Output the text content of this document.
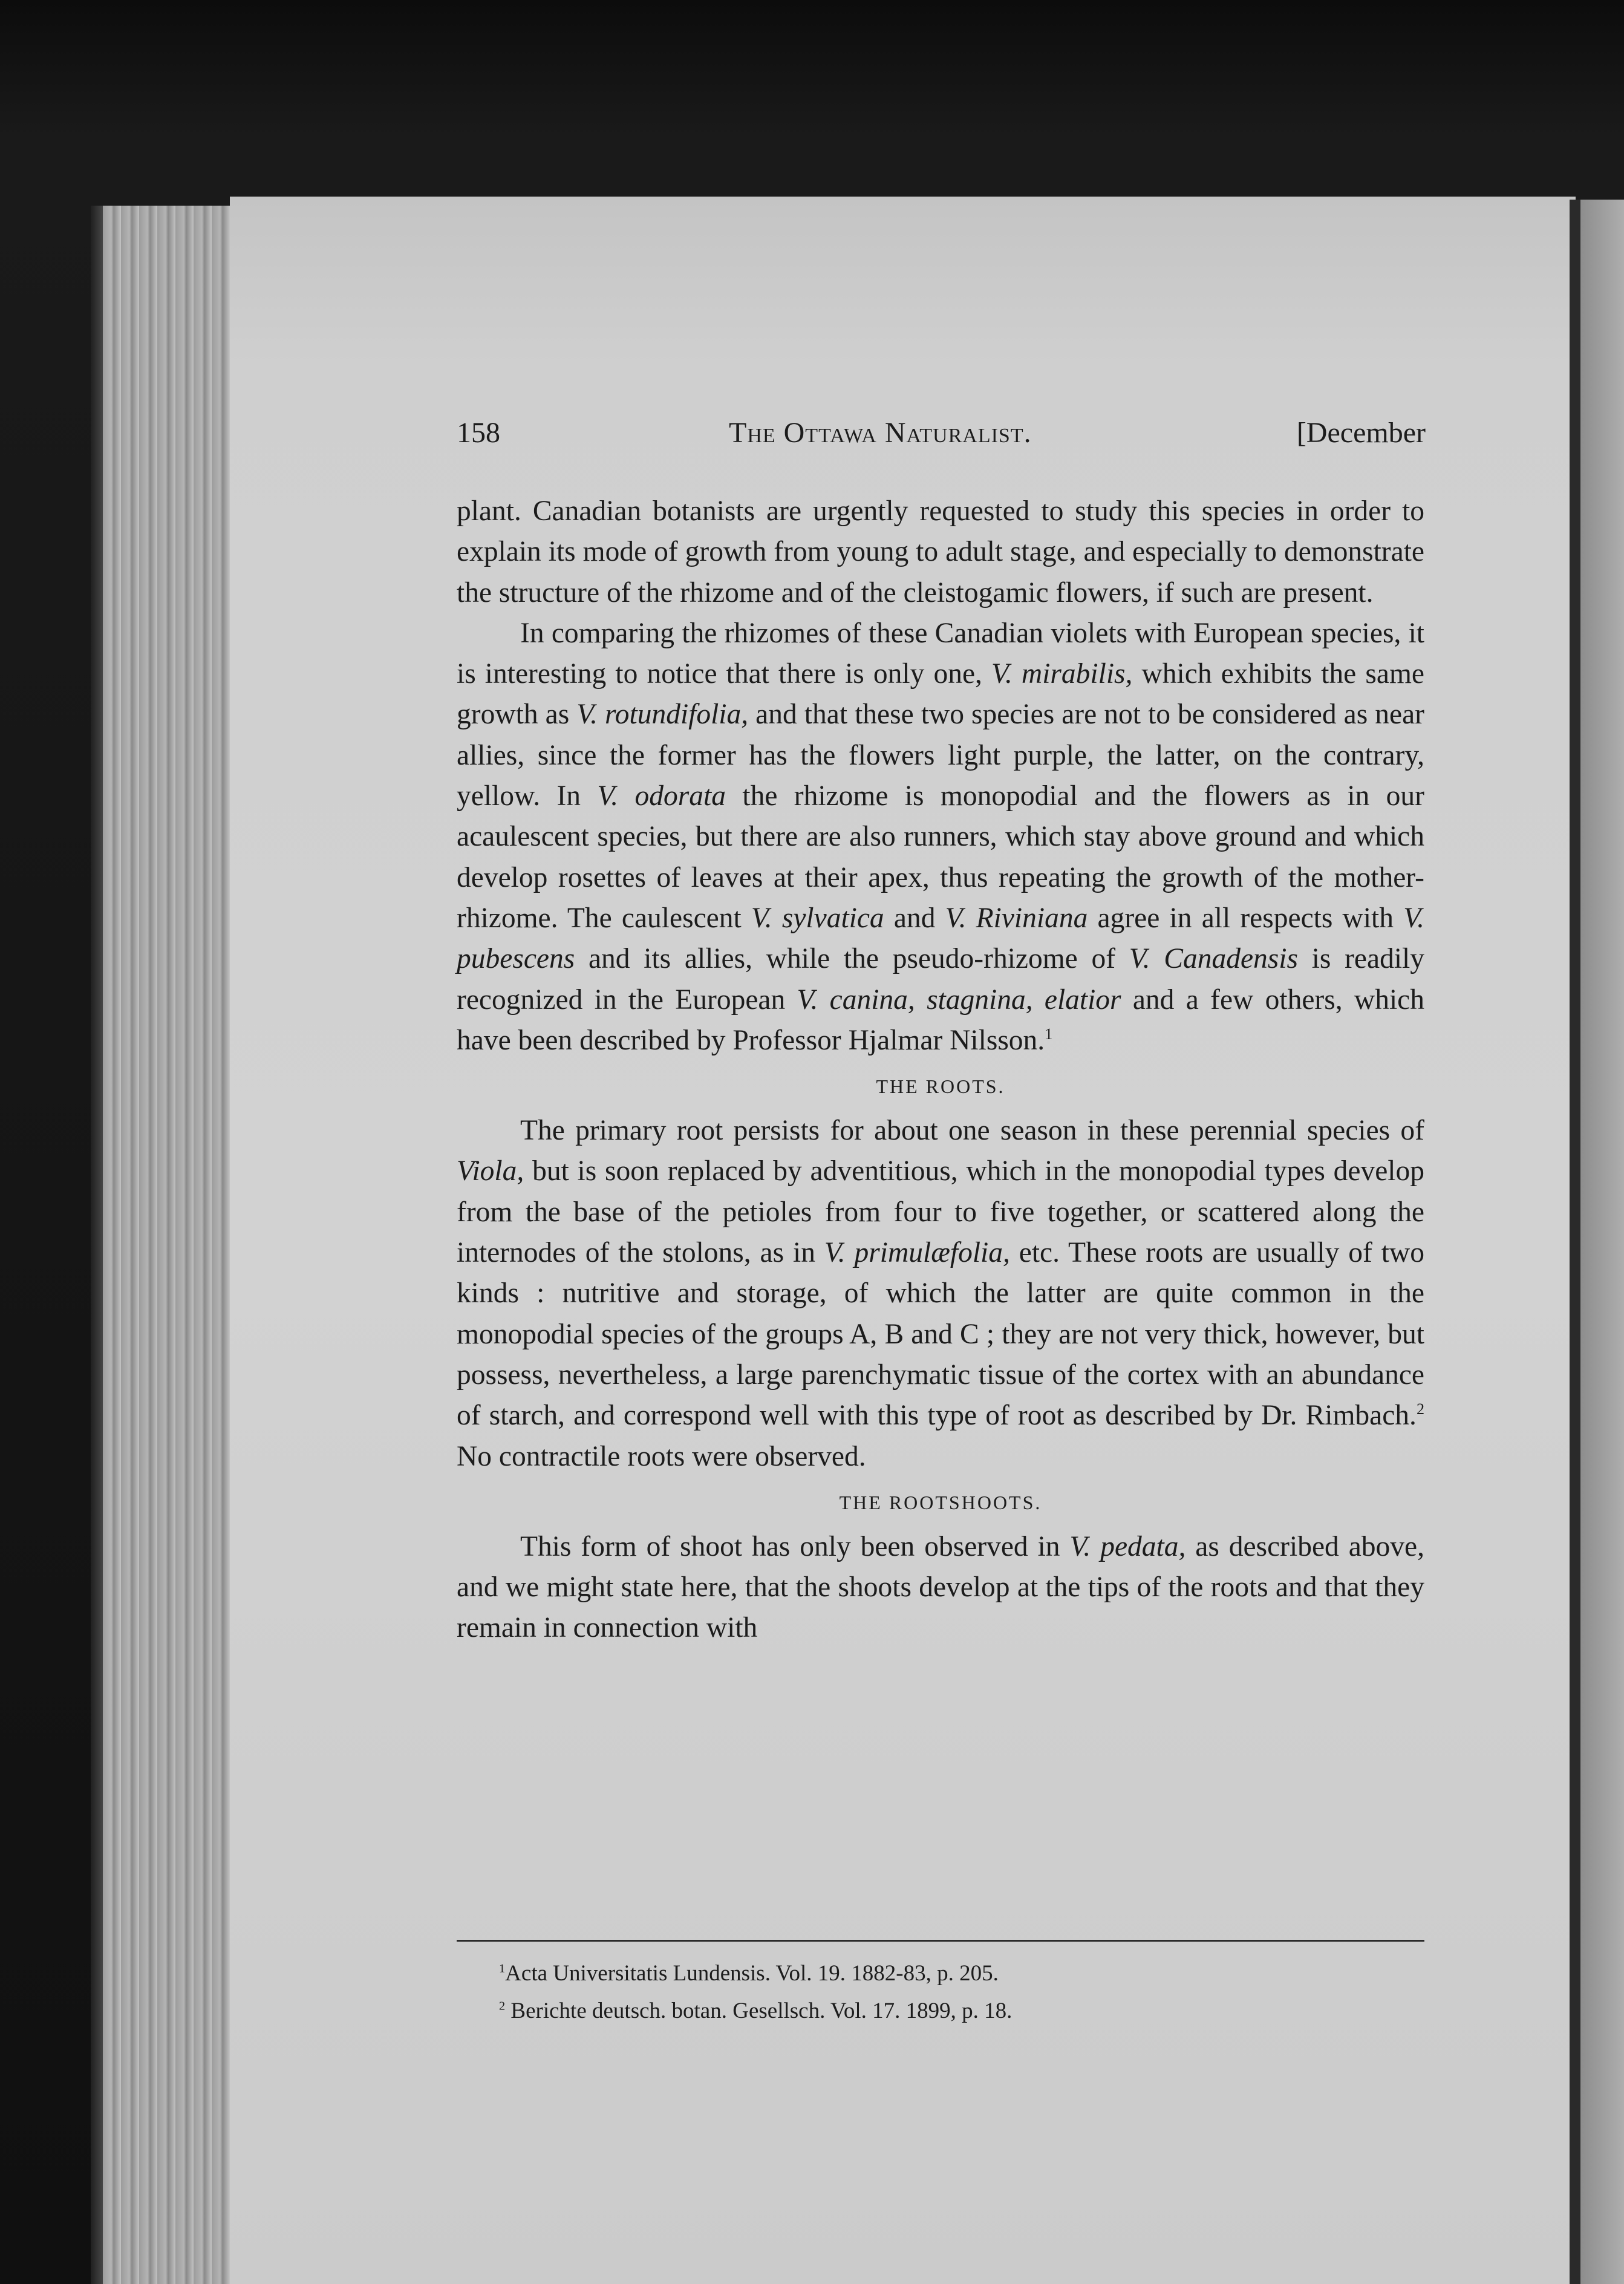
158	The Ottawa Naturalist.	[December

plant. Canadian botanists are urgently requested to study this species in order to explain its mode of growth from young to adult stage, and especially to demonstrate the structure of the rhizome and of the cleistogamic flowers, if such are present.

In comparing the rhizomes of these Canadian violets with European species, it is interesting to notice that there is only one, V. mirabilis, which exhibits the same growth as V. rotundifolia, and that these two species are not to be considered as near allies, since the former has the flowers light purple, the latter, on the contrary, yellow. In V. odorata the rhizome is monopodial and the flowers as in our acaulescent species, but there are also runners, which stay above ground and which develop rosettes of leaves at their apex, thus repeating the growth of the mother-rhizome. The caulescent V. sylvatica and V. Riviniana agree in all respects with V. pubescens and its allies, while the pseudo-rhizome of V. Canadensis is readily recognized in the European V. canina, stagnina, elatior and a few others, which have been described by Professor Hjalmar Nilsson.$^1$

THE ROOTS.

The primary root persists for about one season in these perennial species of Viola, but is soon replaced by adventitious, which in the monopodial types develop from the base of the petioles from four to five together, or scattered along the internodes of the stolons, as in V. primulæfolia, etc. These roots are usually of two kinds : nutritive and storage, of which the latter are quite common in the monopodial species of the groups A, B and C ; they are not very thick, however, but possess, nevertheless, a large parenchymatic tissue of the cortex with an abundance of starch, and correspond well with this type of root as described by Dr. Rimbach.$^2$ No contractile roots were observed.

THE ROOTSHOOTS.

This form of shoot has only been observed in V. pedata, as described above, and we might state here, that the shoots develop at the tips of the roots and that they remain in connection with

$^1$Acta Universitatis Lundensis. Vol. 19. 1882-83, p. 205.
$^2$ Berichte deutsch. botan. Gesellsch. Vol. 17. 1899, p. 18.
